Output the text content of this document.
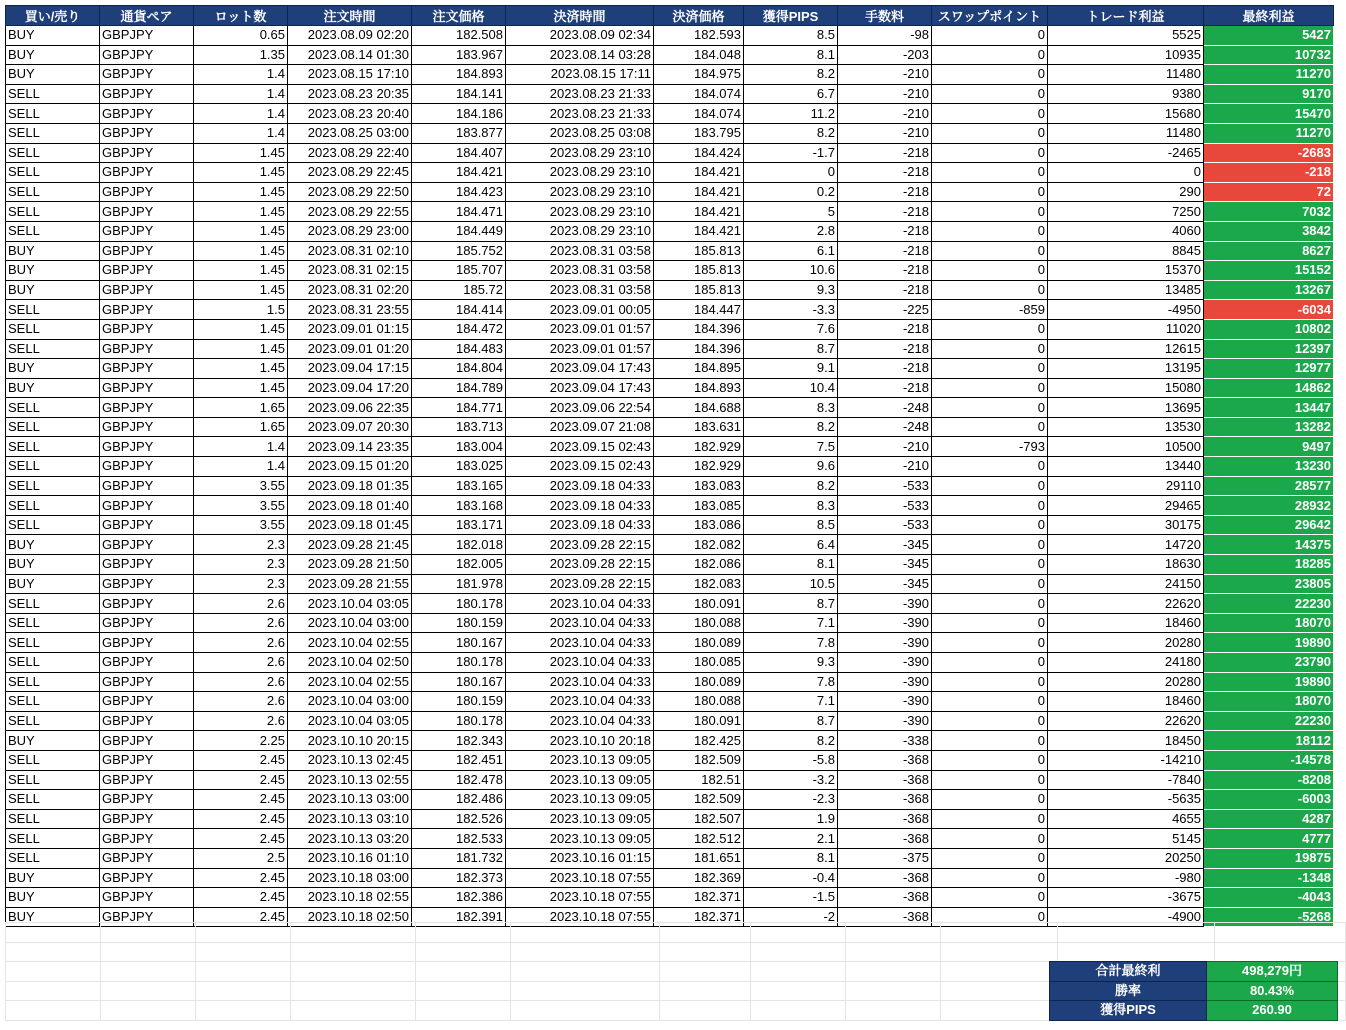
買い/売り	通貨ペア	ロット数	注文時間	注文価格	決済時間	決済価格	獲得PIPS	手数料	スワップポイント	トレード利益	最終利益
BUY	GBPJPY	0.65	2023.08.09 02:20	182.508	2023.08.09 02:34	182.593	8.5	-98	0	5525	5427
BUY	GBPJPY	1.35	2023.08.14 01:30	183.967	2023.08.14 03:28	184.048	8.1	-203	0	10935	10732
BUY	GBPJPY	1.4	2023.08.15 17:10	184.893	2023.08.15 17:11	184.975	8.2	-210	0	11480	11270
SELL	GBPJPY	1.4	2023.08.23 20:35	184.141	2023.08.23 21:33	184.074	6.7	-210	0	9380	9170
SELL	GBPJPY	1.4	2023.08.23 20:40	184.186	2023.08.23 21:33	184.074	11.2	-210	0	15680	15470
SELL	GBPJPY	1.4	2023.08.25 03:00	183.877	2023.08.25 03:08	183.795	8.2	-210	0	11480	11270
SELL	GBPJPY	1.45	2023.08.29 22:40	184.407	2023.08.29 23:10	184.424	-1.7	-218	0	-2465	-2683
SELL	GBPJPY	1.45	2023.08.29 22:45	184.421	2023.08.29 23:10	184.421	0	-218	0	0	-218
SELL	GBPJPY	1.45	2023.08.29 22:50	184.423	2023.08.29 23:10	184.421	0.2	-218	0	290	72
SELL	GBPJPY	1.45	2023.08.29 22:55	184.471	2023.08.29 23:10	184.421	5	-218	0	7250	7032
SELL	GBPJPY	1.45	2023.08.29 23:00	184.449	2023.08.29 23:10	184.421	2.8	-218	0	4060	3842
BUY	GBPJPY	1.45	2023.08.31 02:10	185.752	2023.08.31 03:58	185.813	6.1	-218	0	8845	8627
BUY	GBPJPY	1.45	2023.08.31 02:15	185.707	2023.08.31 03:58	185.813	10.6	-218	0	15370	15152
BUY	GBPJPY	1.45	2023.08.31 02:20	185.72	2023.08.31 03:58	185.813	9.3	-218	0	13485	13267
SELL	GBPJPY	1.5	2023.08.31 23:55	184.414	2023.09.01 00:05	184.447	-3.3	-225	-859	-4950	-6034
SELL	GBPJPY	1.45	2023.09.01 01:15	184.472	2023.09.01 01:57	184.396	7.6	-218	0	11020	10802
SELL	GBPJPY	1.45	2023.09.01 01:20	184.483	2023.09.01 01:57	184.396	8.7	-218	0	12615	12397
BUY	GBPJPY	1.45	2023.09.04 17:15	184.804	2023.09.04 17:43	184.895	9.1	-218	0	13195	12977
BUY	GBPJPY	1.45	2023.09.04 17:20	184.789	2023.09.04 17:43	184.893	10.4	-218	0	15080	14862
SELL	GBPJPY	1.65	2023.09.06 22:35	184.771	2023.09.06 22:54	184.688	8.3	-248	0	13695	13447
SELL	GBPJPY	1.65	2023.09.07 20:30	183.713	2023.09.07 21:08	183.631	8.2	-248	0	13530	13282
SELL	GBPJPY	1.4	2023.09.14 23:35	183.004	2023.09.15 02:43	182.929	7.5	-210	-793	10500	9497
SELL	GBPJPY	1.4	2023.09.15 01:20	183.025	2023.09.15 02:43	182.929	9.6	-210	0	13440	13230
SELL	GBPJPY	3.55	2023.09.18 01:35	183.165	2023.09.18 04:33	183.083	8.2	-533	0	29110	28577
SELL	GBPJPY	3.55	2023.09.18 01:40	183.168	2023.09.18 04:33	183.085	8.3	-533	0	29465	28932
SELL	GBPJPY	3.55	2023.09.18 01:45	183.171	2023.09.18 04:33	183.086	8.5	-533	0	30175	29642
BUY	GBPJPY	2.3	2023.09.28 21:45	182.018	2023.09.28 22:15	182.082	6.4	-345	0	14720	14375
BUY	GBPJPY	2.3	2023.09.28 21:50	182.005	2023.09.28 22:15	182.086	8.1	-345	0	18630	18285
BUY	GBPJPY	2.3	2023.09.28 21:55	181.978	2023.09.28 22:15	182.083	10.5	-345	0	24150	23805
SELL	GBPJPY	2.6	2023.10.04 03:05	180.178	2023.10.04 04:33	180.091	8.7	-390	0	22620	22230
SELL	GBPJPY	2.6	2023.10.04 03:00	180.159	2023.10.04 04:33	180.088	7.1	-390	0	18460	18070
SELL	GBPJPY	2.6	2023.10.04 02:55	180.167	2023.10.04 04:33	180.089	7.8	-390	0	20280	19890
SELL	GBPJPY	2.6	2023.10.04 02:50	180.178	2023.10.04 04:33	180.085	9.3	-390	0	24180	23790
SELL	GBPJPY	2.6	2023.10.04 02:55	180.167	2023.10.04 04:33	180.089	7.8	-390	0	20280	19890
SELL	GBPJPY	2.6	2023.10.04 03:00	180.159	2023.10.04 04:33	180.088	7.1	-390	0	18460	18070
SELL	GBPJPY	2.6	2023.10.04 03:05	180.178	2023.10.04 04:33	180.091	8.7	-390	0	22620	22230
BUY	GBPJPY	2.25	2023.10.10 20:15	182.343	2023.10.10 20:18	182.425	8.2	-338	0	18450	18112
SELL	GBPJPY	2.45	2023.10.13 02:45	182.451	2023.10.13 09:05	182.509	-5.8	-368	0	-14210	-14578
SELL	GBPJPY	2.45	2023.10.13 02:55	182.478	2023.10.13 09:05	182.51	-3.2	-368	0	-7840	-8208
SELL	GBPJPY	2.45	2023.10.13 03:00	182.486	2023.10.13 09:05	182.509	-2.3	-368	0	-5635	-6003
SELL	GBPJPY	2.45	2023.10.13 03:10	182.526	2023.10.13 09:05	182.507	1.9	-368	0	4655	4287
SELL	GBPJPY	2.45	2023.10.13 03:20	182.533	2023.10.13 09:05	182.512	2.1	-368	0	5145	4777
SELL	GBPJPY	2.5	2023.10.16 01:10	181.732	2023.10.16 01:15	181.651	8.1	-375	0	20250	19875
BUY	GBPJPY	2.45	2023.10.18 03:00	182.373	2023.10.18 07:55	182.369	-0.4	-368	0	-980	-1348
BUY	GBPJPY	2.45	2023.10.18 02:55	182.386	2023.10.18 07:55	182.371	-1.5	-368	0	-3675	-4043
BUY	GBPJPY	2.45	2023.10.18 02:50	182.391	2023.10.18 07:55	182.371	-2	-368	0	-4900	-5268

合計最終利	498,279円
勝率	80.43%
獲得PIPS	260.90
